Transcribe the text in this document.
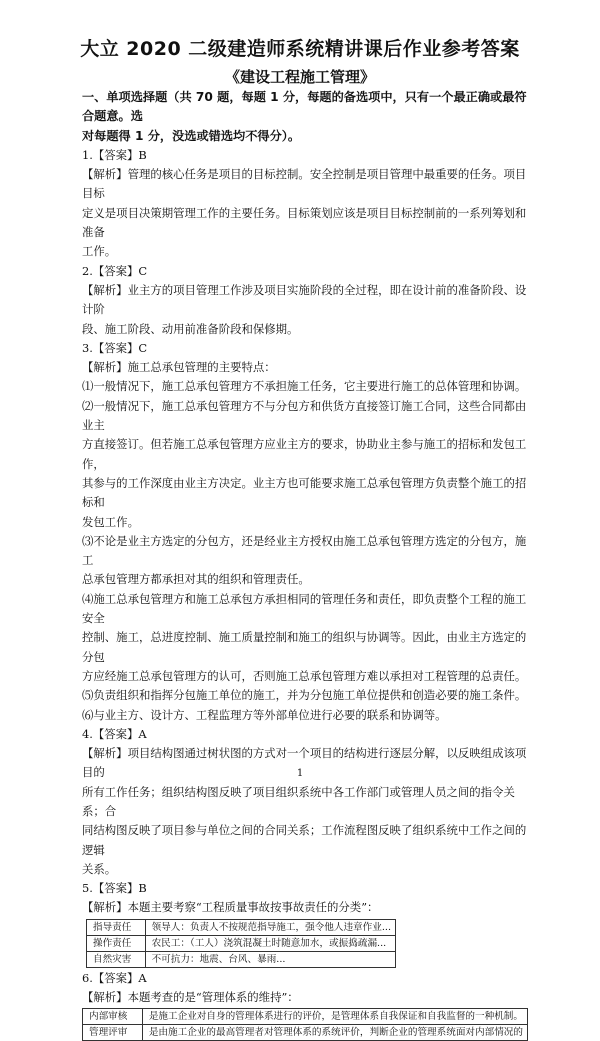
大立 2020 二级建造师系统精讲课后作业参考答案
《建设工程施工管理》

一、单项选择题（共 70 题，每题 1 分，每题的备选项中，只有一个最正确或最符合题意。选
对每题得 1 分，没选或错选均不得分）。

1.【答案】B

【解析】管理的核心任务是项目的目标控制。安全控制是项目管理中最重要的任务。项目目标
定义是项目决策期管理工作的主要任务。目标策划应该是项目目标控制前的一系列筹划和准备
工作。

2.【答案】C

【解析】业主方的项目管理工作涉及项目实施阶段的全过程，即在设计前的准备阶段、设计阶
段、施工阶段、动用前准备阶段和保修期。

3.【答案】C

【解析】施工总承包管理的主要特点：
⑴一般情况下，施工总承包管理方不承担施工任务，它主要进行施工的总体管理和协调。
⑵一般情况下，施工总承包管理方不与分包方和供货方直接签订施工合同，这些合同都由业主
方直接签订。但若施工总承包管理方应业主方的要求，协助业主参与施工的招标和发包工作，
其参与的工作深度由业主方决定。业主方也可能要求施工总承包管理方负责整个施工的招标和
发包工作。
⑶不论是业主方选定的分包方，还是经业主方授权由施工总承包管理方选定的分包方，施工
总承包管理方都承担对其的组织和管理责任。
⑷施工总承包管理方和施工总承包方承担相同的管理任务和责任，即负责整个工程的施工安全
控制、施工，总进度控制、施工质量控制和施工的组织与协调等。因此，由业主方选定的分包
方应经施工总承包管理方的认可，否则施工总承包管理方难以承担对工程管理的总责任。
⑸负责组织和指挥分包施工单位的施工，并为分包施工单位提供和创造必要的施工条件。
⑹与业主方、设计方、工程监理方等外部单位进行必要的联系和协调等。

4.【答案】A

【解析】项目结构图通过树状图的方式对一个项目的结构进行逐层分解，以反映组成该项目的
所有工作任务；组织结构图反映了项目组织系统中各工作部门或管理人员之间的指令关系；合
同结构图反映了项目参与单位之间的合同关系；工作流程图反映了组织系统中工作之间的逻辑
关系。

5.【答案】B

【解析】本题主要考察“工程质量事故按事故责任的分类”：

指导责任	领导人：负责人不按规范指导施工，强令他人违章作业...
操作责任	农民工：（工人）浇筑混凝土时随意加水，或振捣疏漏...
自然灾害	不可抗力：地震、台风、暴雨...

6.【答案】A

【解析】本题考查的是“管理体系的维持”：

内部审核	是施工企业对自身的管理体系进行的评价，是管理体系自我保证和自我监督的一种机制。
管理评审	是由施工企业的最高管理者对管理体系的系统评价，判断企业的管理系统面对内部情况的
1
